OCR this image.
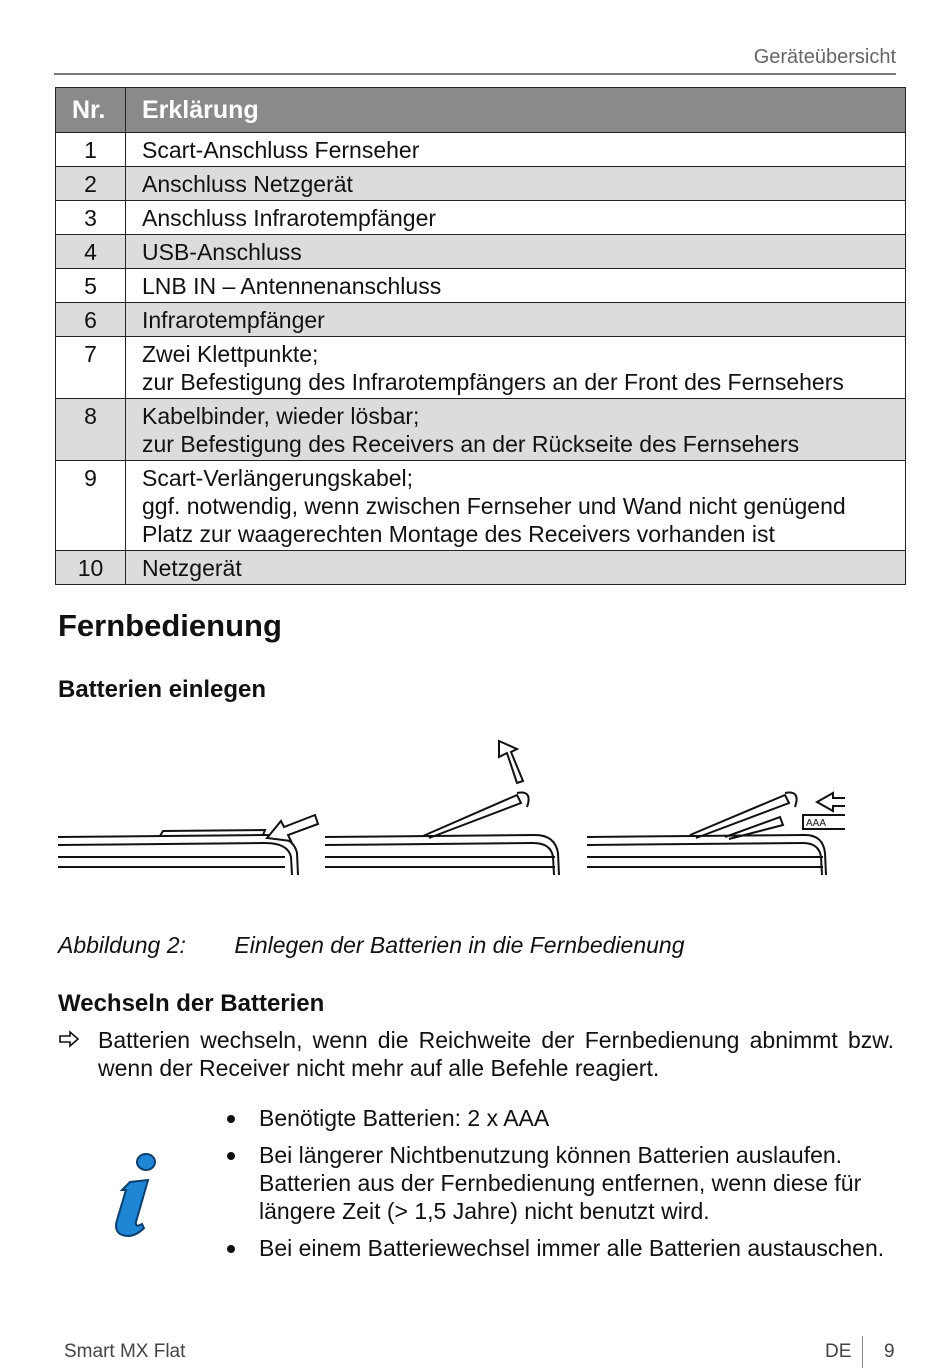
Geräteübersicht
Nr.	Erklärung
1	Scart-Anschluss Fernseher

2	Anschluss Netzgerät

3	Anschluss Infrarotempfänger

4	USB-Anschluss

5	LNB IN – Antennenanschluss

6	Infrarotempfänger

7	Zwei Klettpunkte;
zur Befestigung des Infrarotempfängers an der Front des Fernsehers

8	Kabelbinder, wieder lösbar;
zur Befestigung des Receivers an der Rückseite des Fernsehers

9	Scart-Verlängerungskabel;
ggf. notwendig, wenn zwischen Fernseher und Wand nicht genügend
Platz zur waagerechten Montage des Receivers vorhanden ist

10	Netzgerät
Fernbedienung
Batterien einlegen
AAA
Abbildung 2: Einlegen der Batterien in die Fernbedienung
Wechseln der Batterien
Batterien wechseln, wenn die Reichweite der Fernbedienung abnimmt bzw. wenn der Receiver nicht mehr auf alle Befehle reagiert.
Benötigte Batterien: 2 x AAA
Bei längerer Nichtbenutzung können Batterien auslaufen. Batterien aus der Fernbedienung entfernen, wenn diese für längere Zeit (> 1,5 Jahre) nicht benutzt wird.
Bei einem Batteriewechsel immer alle Batterien austauschen.
Smart MX Flat	DE 9
